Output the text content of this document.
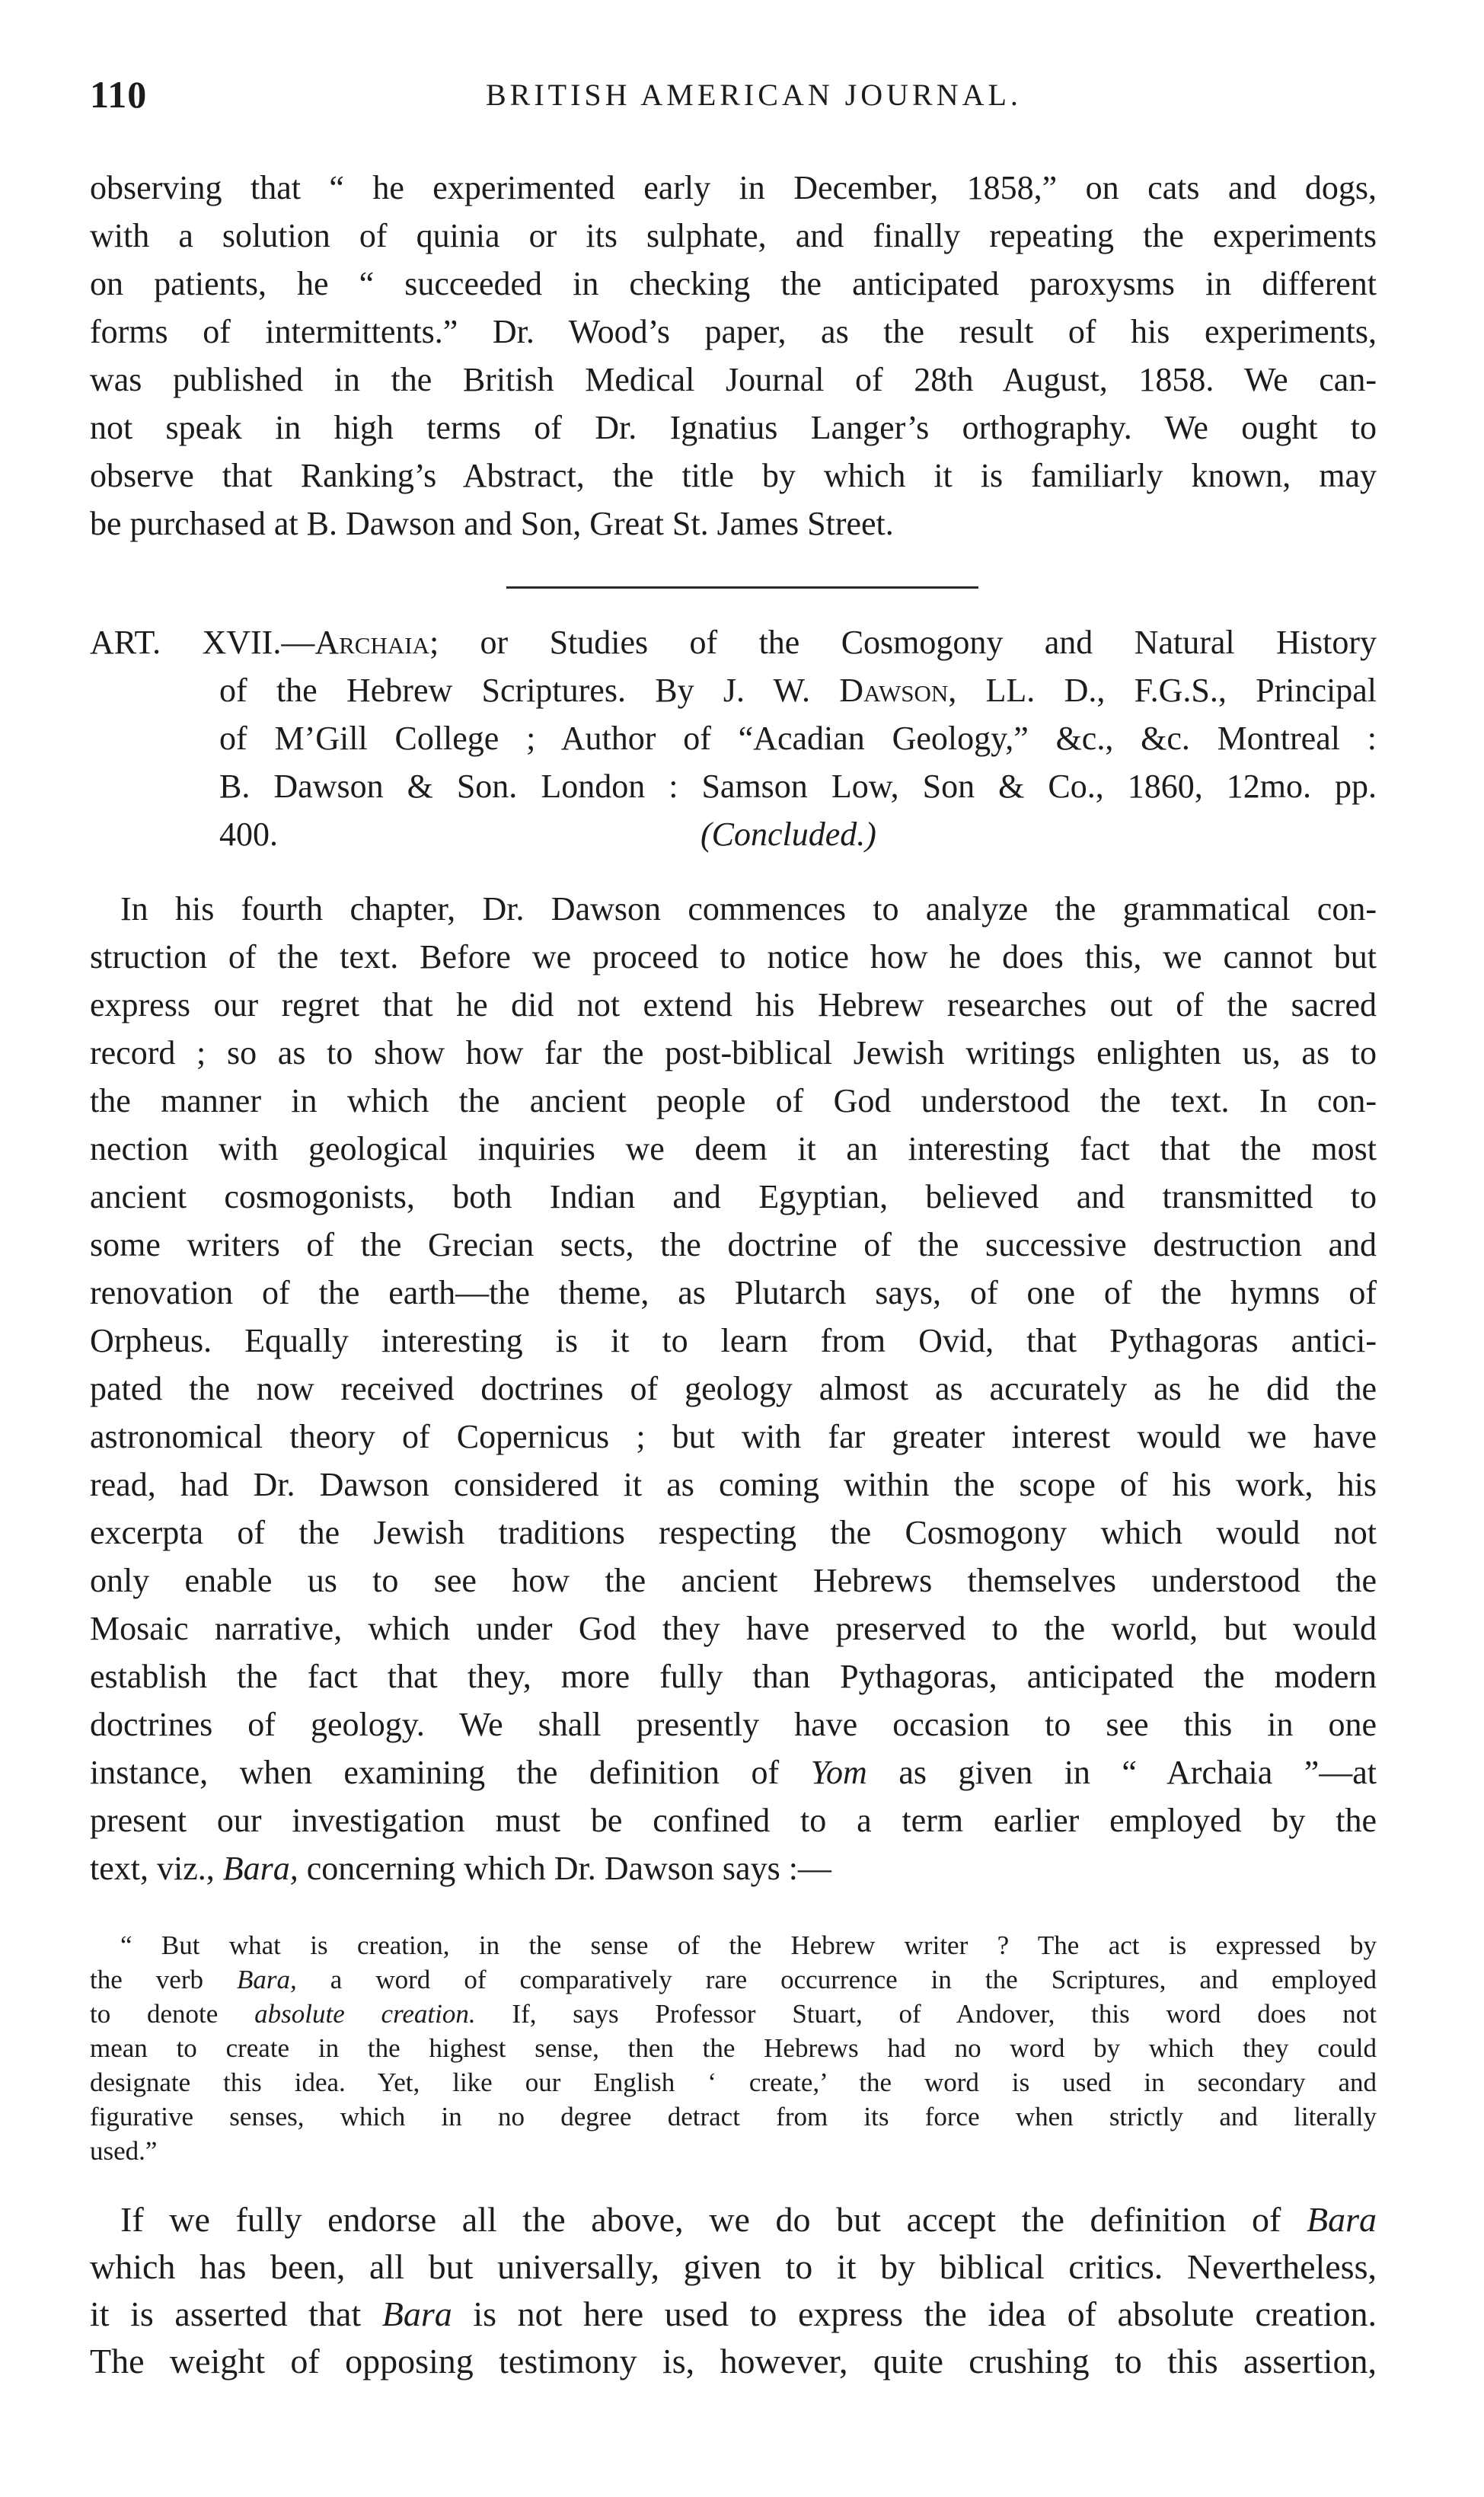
110	BRITISH AMERICAN JOURNAL.
observing that “ he experimented early in December, 1858,” on cats and dogs,
with a solution of quinia or its sulphate, and finally repeating the experiments
on patients, he “ succeeded in checking the anticipated paroxysms in different
forms of intermittents.” Dr. Wood’s paper, as the result of his experiments,
was published in the British Medical Journal of 28th August, 1858. We can-
not speak in high terms of Dr. Ignatius Langer’s orthography. We ought to
observe that Ranking’s Abstract, the title by which it is familiarly known, may
be purchased at B. Dawson and Son, Great St. James Street.
ART. XVII.—Archaia; or Studies of the Cosmogony and Natural History
of the Hebrew Scriptures. By J. W. Dawson, LL. D., F.G.S., Principal
of M’Gill College ; Author of “Acadian Geology,” &c., &c. Montreal :
B. Dawson & Son. London : Samson Low, Son & Co., 1860, 12mo. pp.
400.	(Concluded.)
In his fourth chapter, Dr. Dawson commences to analyze the grammatical con-
struction of the text. Before we proceed to notice how he does this, we cannot but
express our regret that he did not extend his Hebrew researches out of the sacred
record ; so as to show how far the post-biblical Jewish writings enlighten us, as to
the manner in which the ancient people of God understood the text. In con-
nection with geological inquiries we deem it an interesting fact that the most
ancient cosmogonists, both Indian and Egyptian, believed and transmitted to
some writers of the Grecian sects, the doctrine of the successive destruction and
renovation of the earth—the theme, as Plutarch says, of one of the hymns of
Orpheus. Equally interesting is it to learn from Ovid, that Pythagoras antici-
pated the now received doctrines of geology almost as accurately as he did the
astronomical theory of Copernicus ; but with far greater interest would we have
read, had Dr. Dawson considered it as coming within the scope of his work, his
excerpta of the Jewish traditions respecting the Cosmogony which would not
only enable us to see how the ancient Hebrews themselves understood the
Mosaic narrative, which under God they have preserved to the world, but would
establish the fact that they, more fully than Pythagoras, anticipated the modern
doctrines of geology. We shall presently have occasion to see this in one
instance, when examining the definition of Yom as given in “ Archaia ”—at
present our investigation must be confined to a term earlier employed by the
text, viz., Bara, concerning which Dr. Dawson says :—
“ But what is creation, in the sense of the Hebrew writer ? The act is expressed by
the verb Bara, a word of comparatively rare occurrence in the Scriptures, and employed
to denote absolute creation. If, says Professor Stuart, of Andover, this word does not
mean to create in the highest sense, then the Hebrews had no word by which they could
designate this idea. Yet, like our English ‘ create,’ the word is used in secondary and
figurative senses, which in no degree detract from its force when strictly and literally
used.”
If we fully endorse all the above, we do but accept the definition of Bara
which has been, all but universally, given to it by biblical critics. Nevertheless,
it is asserted that Bara is not here used to express the idea of absolute creation.
The weight of opposing testimony is, however, quite crushing to this assertion,
